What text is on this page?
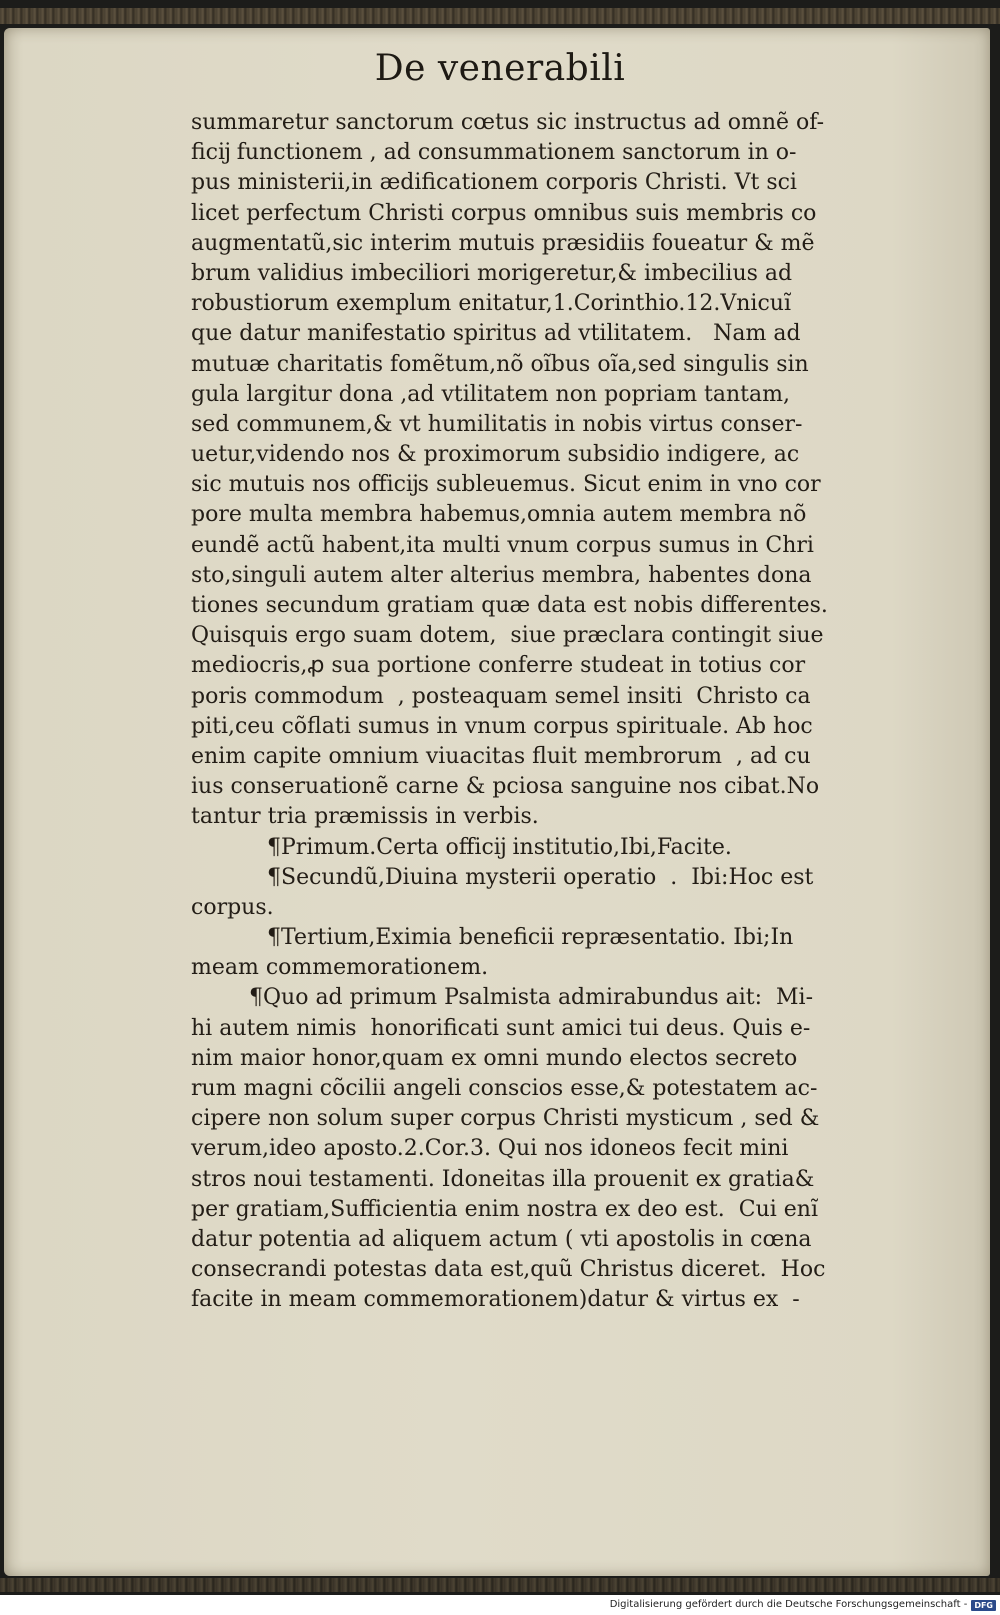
De venerabili
summaretur sanctorum cœtus sic instructus ad omnẽ of-
ficĳ functionem , ad consummationem sanctorum in o-
pus ministerii,in ædificationem corporis Christi. Vt sci
licet perfectum Christi corpus omnibus suis membris co
augmentatũ,sic interim mutuis præsidiis foueatur & mẽ
brum validius imbeciliori morigeretur,& imbecilius ad
robustiorum exemplum enitatur,1.Corinthio.12.Vnicuĩ
que datur manifestatio spiritus ad vtilitatem.   Nam ad
mutuæ charitatis fomẽtum,nõ oĩbus oĩa,sed singulis sin
gula largitur dona ,ad vtilitatem non popriam tantam,
sed communem,& vt humilitatis in nobis virtus conser-
uetur,videndo nos & proximorum subsidio indigere, ac
sic mutuis nos officĳs subleuemus. Sicut enim in vno cor
pore multa membra habemus,omnia autem membra nõ
eundẽ actũ habent,ita multi vnum corpus sumus in Chri
sto,singuli autem alter alterius membra, habentes dona
tiones secundum gratiam quæ data est nobis differentes.
Quisquis ergo suam dotem,  siue præclara contingit siue
mediocris,ꝓ sua portione conferre studeat in totius cor
poris commodum  , posteaquam semel insiti  Christo ca
piti,ceu cõflati sumus in vnum corpus spirituale. Ab hoc
enim capite omnium viuacitas fluit membrorum  , ad cu
ius conseruationẽ carne & pciosa sanguine nos cibat.No
tantur tria præmissis in verbis.
¶Primum.Certa officĳ institutio,Ibi,Facite.
¶Secundũ,Diuina mysterii operatio  .  Ibi:Hoc est
corpus.
¶Tertium,Eximia beneficii repræsentatio. Ibi;In
meam commemorationem.
¶Quo ad primum Psalmista admirabundus ait:  Mi-
hi autem nimis  honorificati sunt amici tui deus. Quis e-
nim maior honor,quam ex omni mundo electos secreto
rum magni cõcilii angeli conscios esse,& potestatem ac-
cipere non solum super corpus Christi mysticum , sed &
verum,ideo aposto.2.Cor.3. Qui nos idoneos fecit mini
stros noui testamenti. Idoneitas illa prouenit ex gratia&
per gratiam,Sufficientia enim nostra ex deo est.  Cui enĩ
datur potentia ad aliquem actum ( vti apostolis in cœna
consecrandi potestas data est,quũ Christus diceret.  Hoc
facite in meam commemorationem)datur & virtus ex  -
Digitalisierung gefördert durch die Deutsche Forschungsgemeinschaft - DFG
